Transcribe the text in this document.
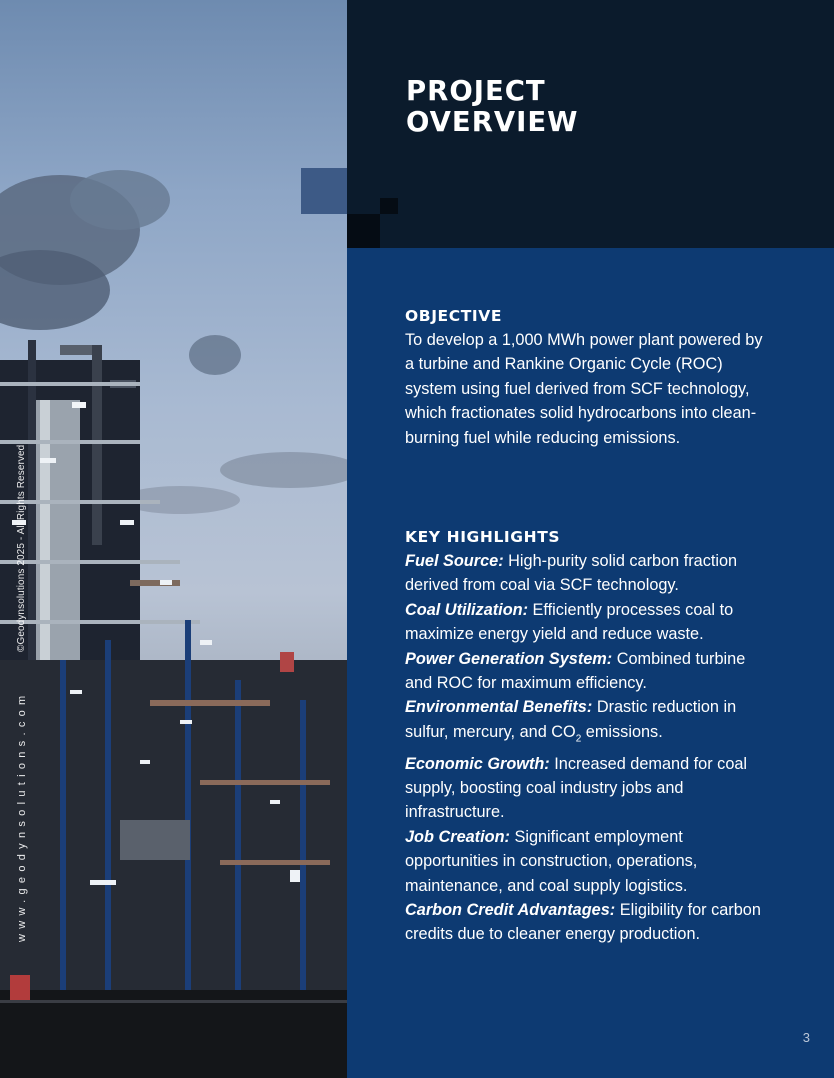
www.geodynsolutions.com
©Geodynsolutions 2025 - All Rights Reserved
PROJECT
OVERVIEW
OBJECTIVE

To develop a 1,000 MWh power plant powered by a turbine and Rankine Organic Cycle (ROC) system using fuel derived from SCF technology, which fractionates solid hydrocarbons into clean-burning fuel while reducing emissions.

KEY HIGHLIGHTS
Fuel Source: High-purity solid carbon fraction derived from coal via SCF technology.
Coal Utilization: Efficiently processes coal to maximize energy yield and reduce waste.
Power Generation System: Combined turbine and ROC for maximum efficiency.
Environmental Benefits: Drastic reduction in sulfur, mercury, and $CO_2$ emissions.
Economic Growth: Increased demand for coal supply, boosting coal industry jobs and infrastructure.
Job Creation: Significant employment opportunities in construction, operations, maintenance, and coal supply logistics.
Carbon Credit Advantages: Eligibility for carbon credits due to cleaner energy production.
3
